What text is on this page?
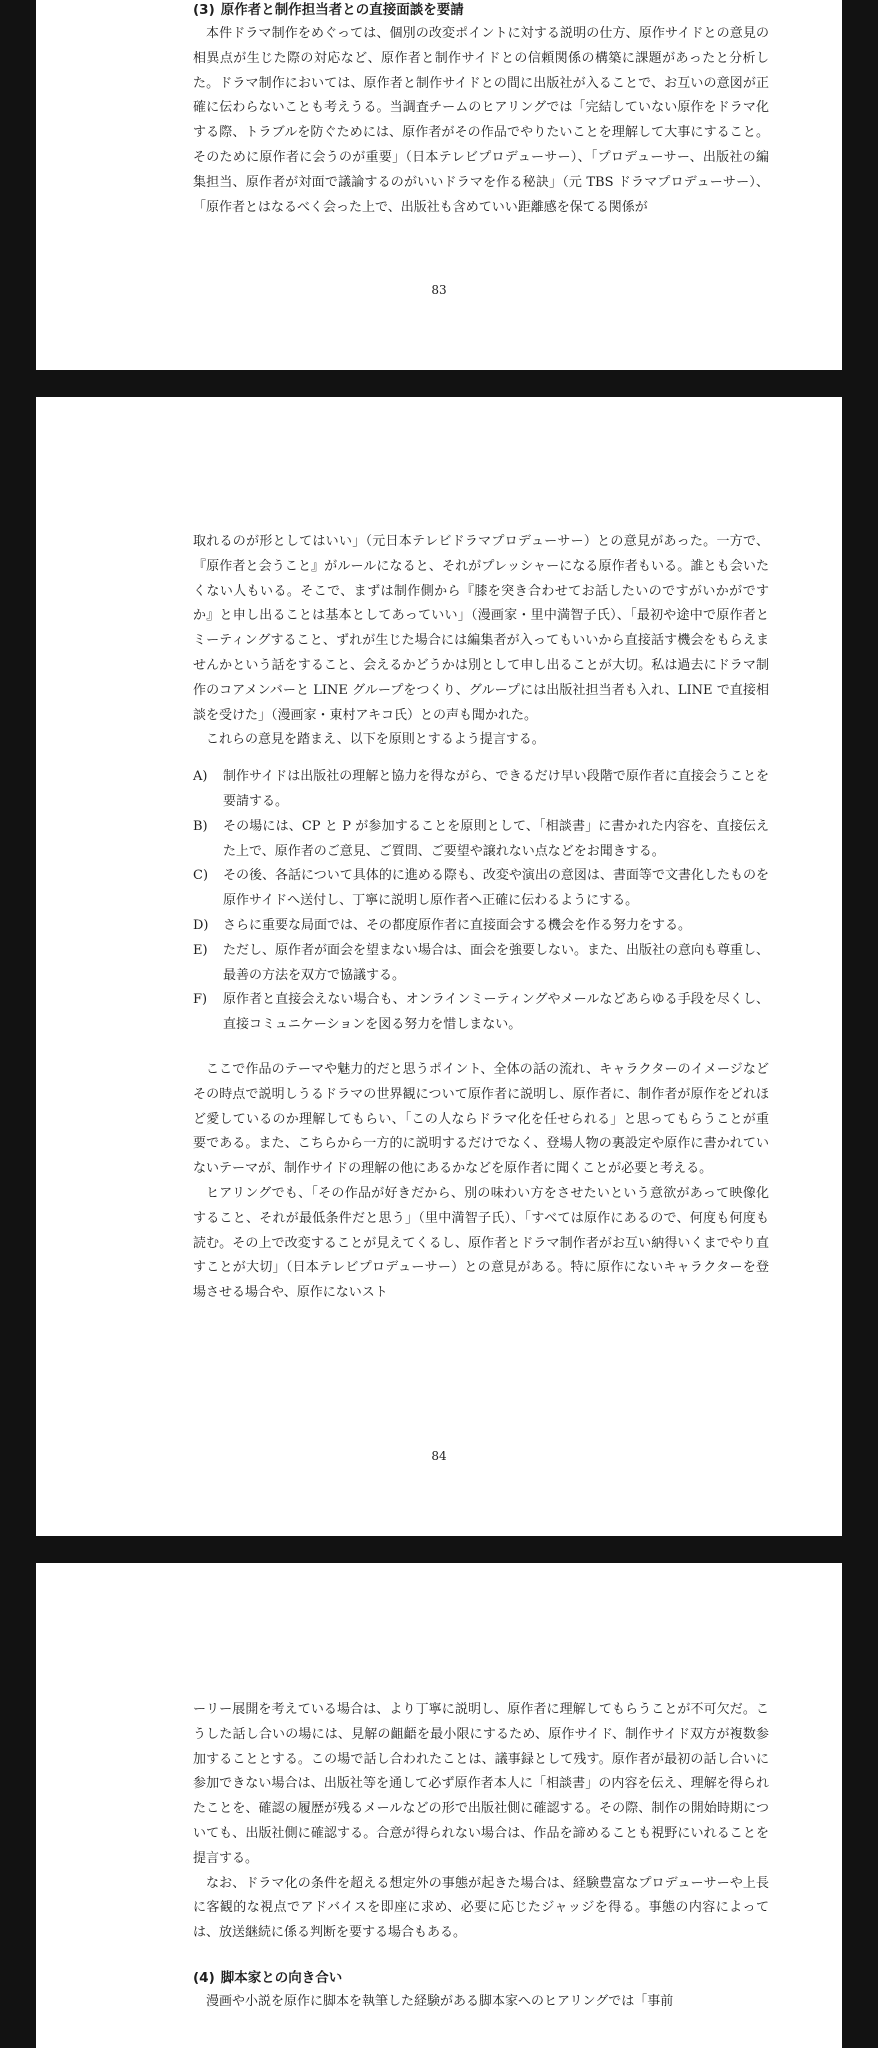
(3) 原作者と制作担当者との直接面談を要請

本件ドラマ制作をめぐっては、個別の改変ポイントに対する説明の仕方、原作サイドとの意見の相異点が生じた際の対応など、原作者と制作サイドとの信頼関係の構築に課題があったと分析した。ドラマ制作においては、原作者と制作サイドとの間に出版社が入ることで、お互いの意図が正確に伝わらないことも考えうる。当調査チームのヒアリングでは「完結していない原作をドラマ化する際、トラブルを防ぐためには、原作者がその作品でやりたいことを理解して大事にすること。そのために原作者に会うのが重要」（日本テレビプロデューサー）、「プロデューサー、出版社の編集担当、原作者が対面で議論するのがいいドラマを作る秘訣」（元 TBS ドラマプロデューサー）、「原作者とはなるべく会った上で、出版社も含めていい距離感を保てる関係が

83

取れるのが形としてはいい」（元日本テレビドラマプロデューサー）との意見があった。一方で、『原作者と会うこと』がルールになると、それがプレッシャーになる原作者もいる。誰とも会いたくない人もいる。そこで、まずは制作側から『膝を突き合わせてお話したいのですがいかがですか』と申し出ることは基本としてあっていい」（漫画家・里中満智子氏）、「最初や途中で原作者とミーティングすること、ずれが生じた場合には編集者が入ってもいいから直接話す機会をもらえませんかという話をすること、会えるかどうかは別として申し出ることが大切。私は過去にドラマ制作のコアメンバーと LINE グループをつくり、グループには出版社担当者も入れ、LINE で直接相談を受けた」（漫画家・東村アキコ氏）との声も聞かれた。

これらの意見を踏まえ、以下を原則とするよう提言する。

A)	制作サイドは出版社の理解と協力を得ながら、できるだけ早い段階で原作者に直接会うことを要請する。
B)	その場には、CP と P が参加することを原則として、「相談書」に書かれた内容を、直接伝えた上で、原作者のご意見、ご質問、ご要望や譲れない点などをお聞きする。
C)	その後、各話について具体的に進める際も、改変や演出の意図は、書面等で文書化したものを原作サイドへ送付し、丁寧に説明し原作者へ正確に伝わるようにする。
D)	さらに重要な局面では、その都度原作者に直接面会する機会を作る努力をする。
E)	ただし、原作者が面会を望まない場合は、面会を強要しない。また、出版社の意向も尊重し、最善の方法を双方で協議する。
F)	原作者と直接会えない場合も、オンラインミーティングやメールなどあらゆる手段を尽くし、直接コミュニケーションを図る努力を惜しまない。

ここで作品のテーマや魅力的だと思うポイント、全体の話の流れ、キャラクターのイメージなどその時点で説明しうるドラマの世界観について原作者に説明し、原作者に、制作者が原作をどれほど愛しているのか理解してもらい、「この人ならドラマ化を任せられる」と思ってもらうことが重要である。また、こちらから一方的に説明するだけでなく、登場人物の裏設定や原作に書かれていないテーマが、制作サイドの理解の他にあるかなどを原作者に聞くことが必要と考える。

ヒアリングでも、「その作品が好きだから、別の味わい方をさせたいという意欲があって映像化すること、それが最低条件だと思う」（里中満智子氏）、「すべては原作にあるので、何度も何度も読む。その上で改変することが見えてくるし、原作者とドラマ制作者がお互い納得いくまでやり直すことが大切」（日本テレビプロデューサー）との意見がある。特に原作にないキャラクターを登場させる場合や、原作にないスト

84

ーリー展開を考えている場合は、より丁寧に説明し、原作者に理解してもらうことが不可欠だ。こうした話し合いの場には、見解の齟齬を最小限にするため、原作サイド、制作サイド双方が複数参加することとする。この場で話し合われたことは、議事録として残す。原作者が最初の話し合いに参加できない場合は、出版社等を通して必ず原作者本人に「相談書」の内容を伝え、理解を得られたことを、確認の履歴が残るメールなどの形で出版社側に確認する。その際、制作の開始時期についても、出版社側に確認する。合意が得られない場合は、作品を諦めることも視野にいれることを提言する。

なお、ドラマ化の条件を超える想定外の事態が起きた場合は、経験豊富なプロデューサーや上長に客観的な視点でアドバイスを即座に求め、必要に応じたジャッジを得る。事態の内容によっては、放送継続に係る判断を要する場合もある。

(4) 脚本家との向き合い

漫画や小説を原作に脚本を執筆した経験がある脚本家へのヒアリングでは「事前
